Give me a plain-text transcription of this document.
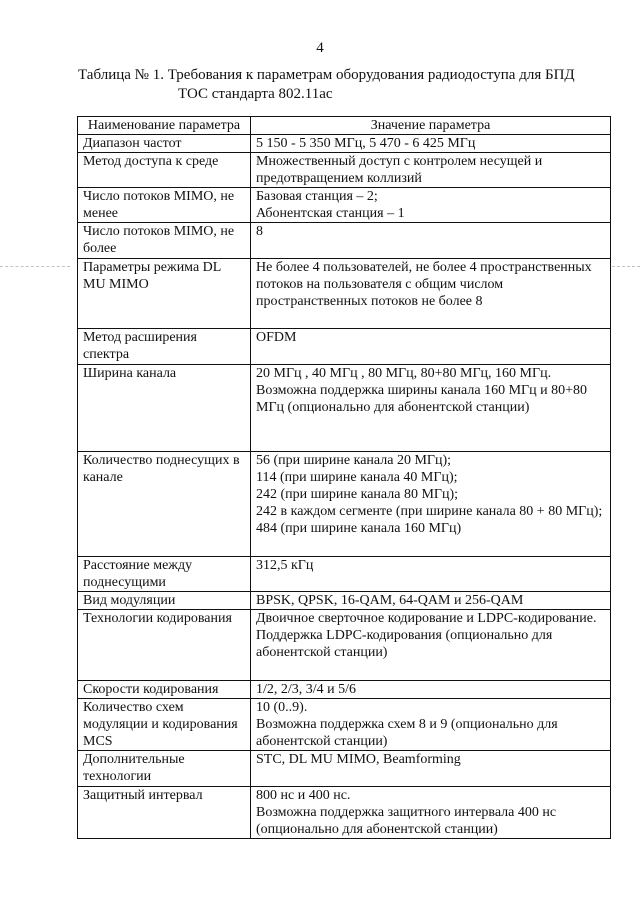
4
Таблица № 1. Требования к параметрам оборудования радиодоступа для БПД
ТОС стандарта 802.11ac
Наименование параметра	Значение параметра
Диапазон частот	5 150 - 5 350 МГц, 5 470 - 6 425 МГц
Метод доступа к среде	Множественный доступ с контролем несущей и предотвращением коллизий
Число потоков MIMO, не менее	Базовая станция – 2;
Абонентская станция – 1
Число потоков MIMO, не более	8
Параметры режима DL MU MIMO	Не более 4 пользователей, не более 4 пространственных потоков на пользователя с общим числом пространственных потоков не более 8
Метод расширения спектра	OFDM
Ширина канала	20 МГц , 40 МГц , 80 МГц, 80+80 МГц, 160 МГц.
Возможна поддержка ширины канала 160 МГц и 80+80 МГц (опционально для абонентской станции)
Количество поднесущих в канале	56 (при ширине канала 20 МГц);
114 (при ширине канала 40 МГц);
242 (при ширине канала 80 МГц);
242 в каждом сегменте (при ширине канала 80 + 80 МГц);
484 (при ширине канала 160 МГц)
Расстояние между поднесущими	312,5 кГц
Вид модуляции	BPSK, QPSK, 16-QAM, 64-QAM и 256-QAM
Технологии кодирования	Двоичное сверточное кодирование и LDPC-кодирование.
Поддержка LDPC-кодирования (опционально для абонентской станции)
Скорости кодирования	1/2, 2/3, 3/4 и 5/6
Количество схем модуляции и кодирования MCS	10 (0..9).
Возможна поддержка схем 8 и 9 (опционально для абонентской станции)
Дополнительные технологии	STC, DL MU MIMO, Beamforming
Защитный интервал	800 нс и 400 нс.
Возможна поддержка защитного интервала 400 нс (опционально для абонентской станции)
